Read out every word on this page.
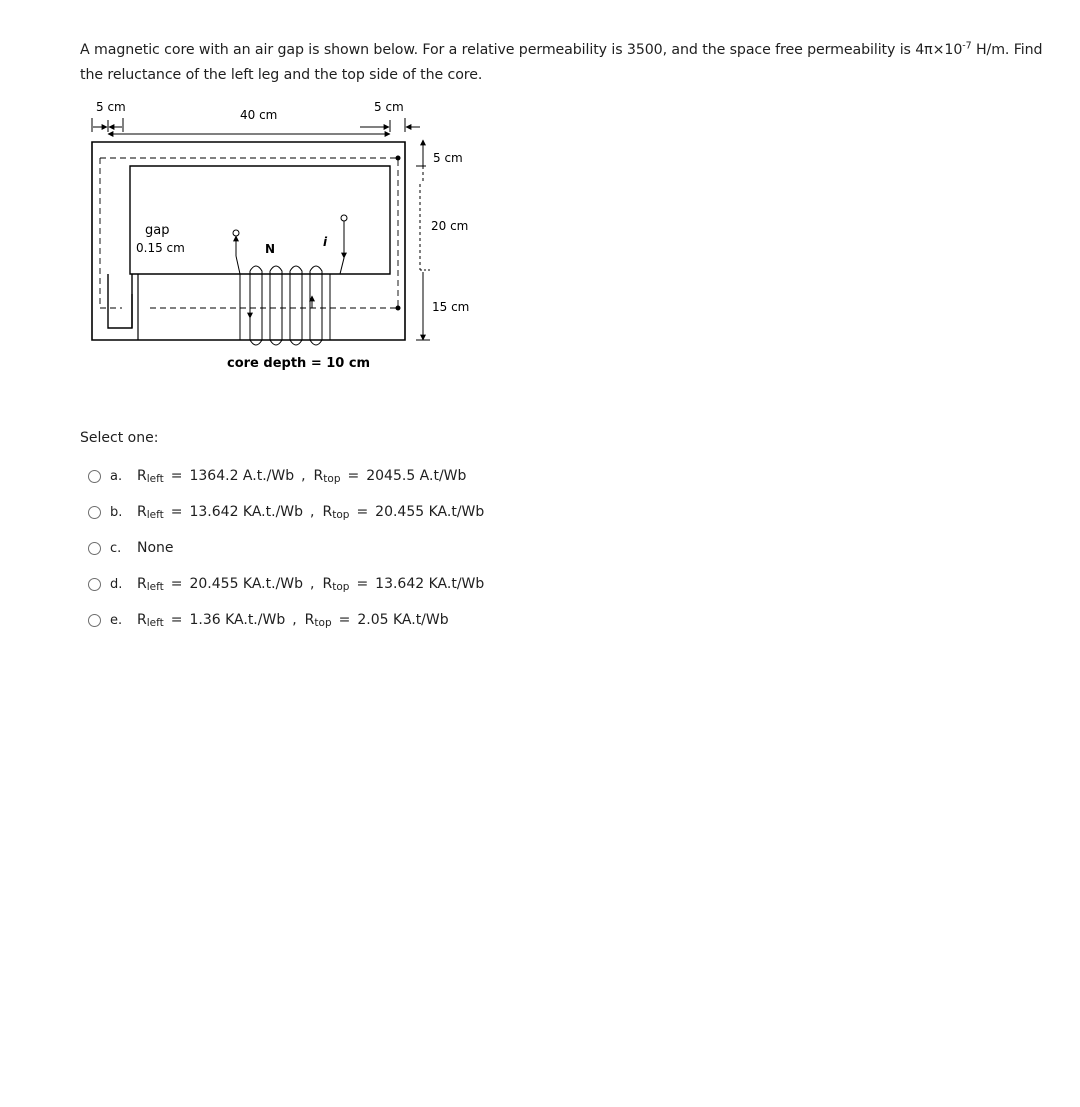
A magnetic core with an air gap is shown below. For a relative permeability is 3500, and the space free permeability is $4\pi\times 10^{-7}$ H/m. Find
the reluctance of the left leg and the top side of the core.
5 cm
40 cm
5 cm
5 cm
20 cm
15 cm
gap
0.15 cm	N	i
core depth = 10 cm
Select one:
a.	$R_{left} = 1364.2$ A.t./Wb , $R_{top} = 2045.5$ A.t/Wb
b.	$R_{left} = 13.642$ KA.t./Wb , $R_{top} = 20.455$ KA.t/Wb
c.	None
d.	$R_{left} = 20.455$ KA.t./Wb , $R_{top} = 13.642$ KA.t/Wb
e.	$R_{left} = 1.36$ KA.t./Wb , $R_{top} = 2.05$ KA.t/Wb
